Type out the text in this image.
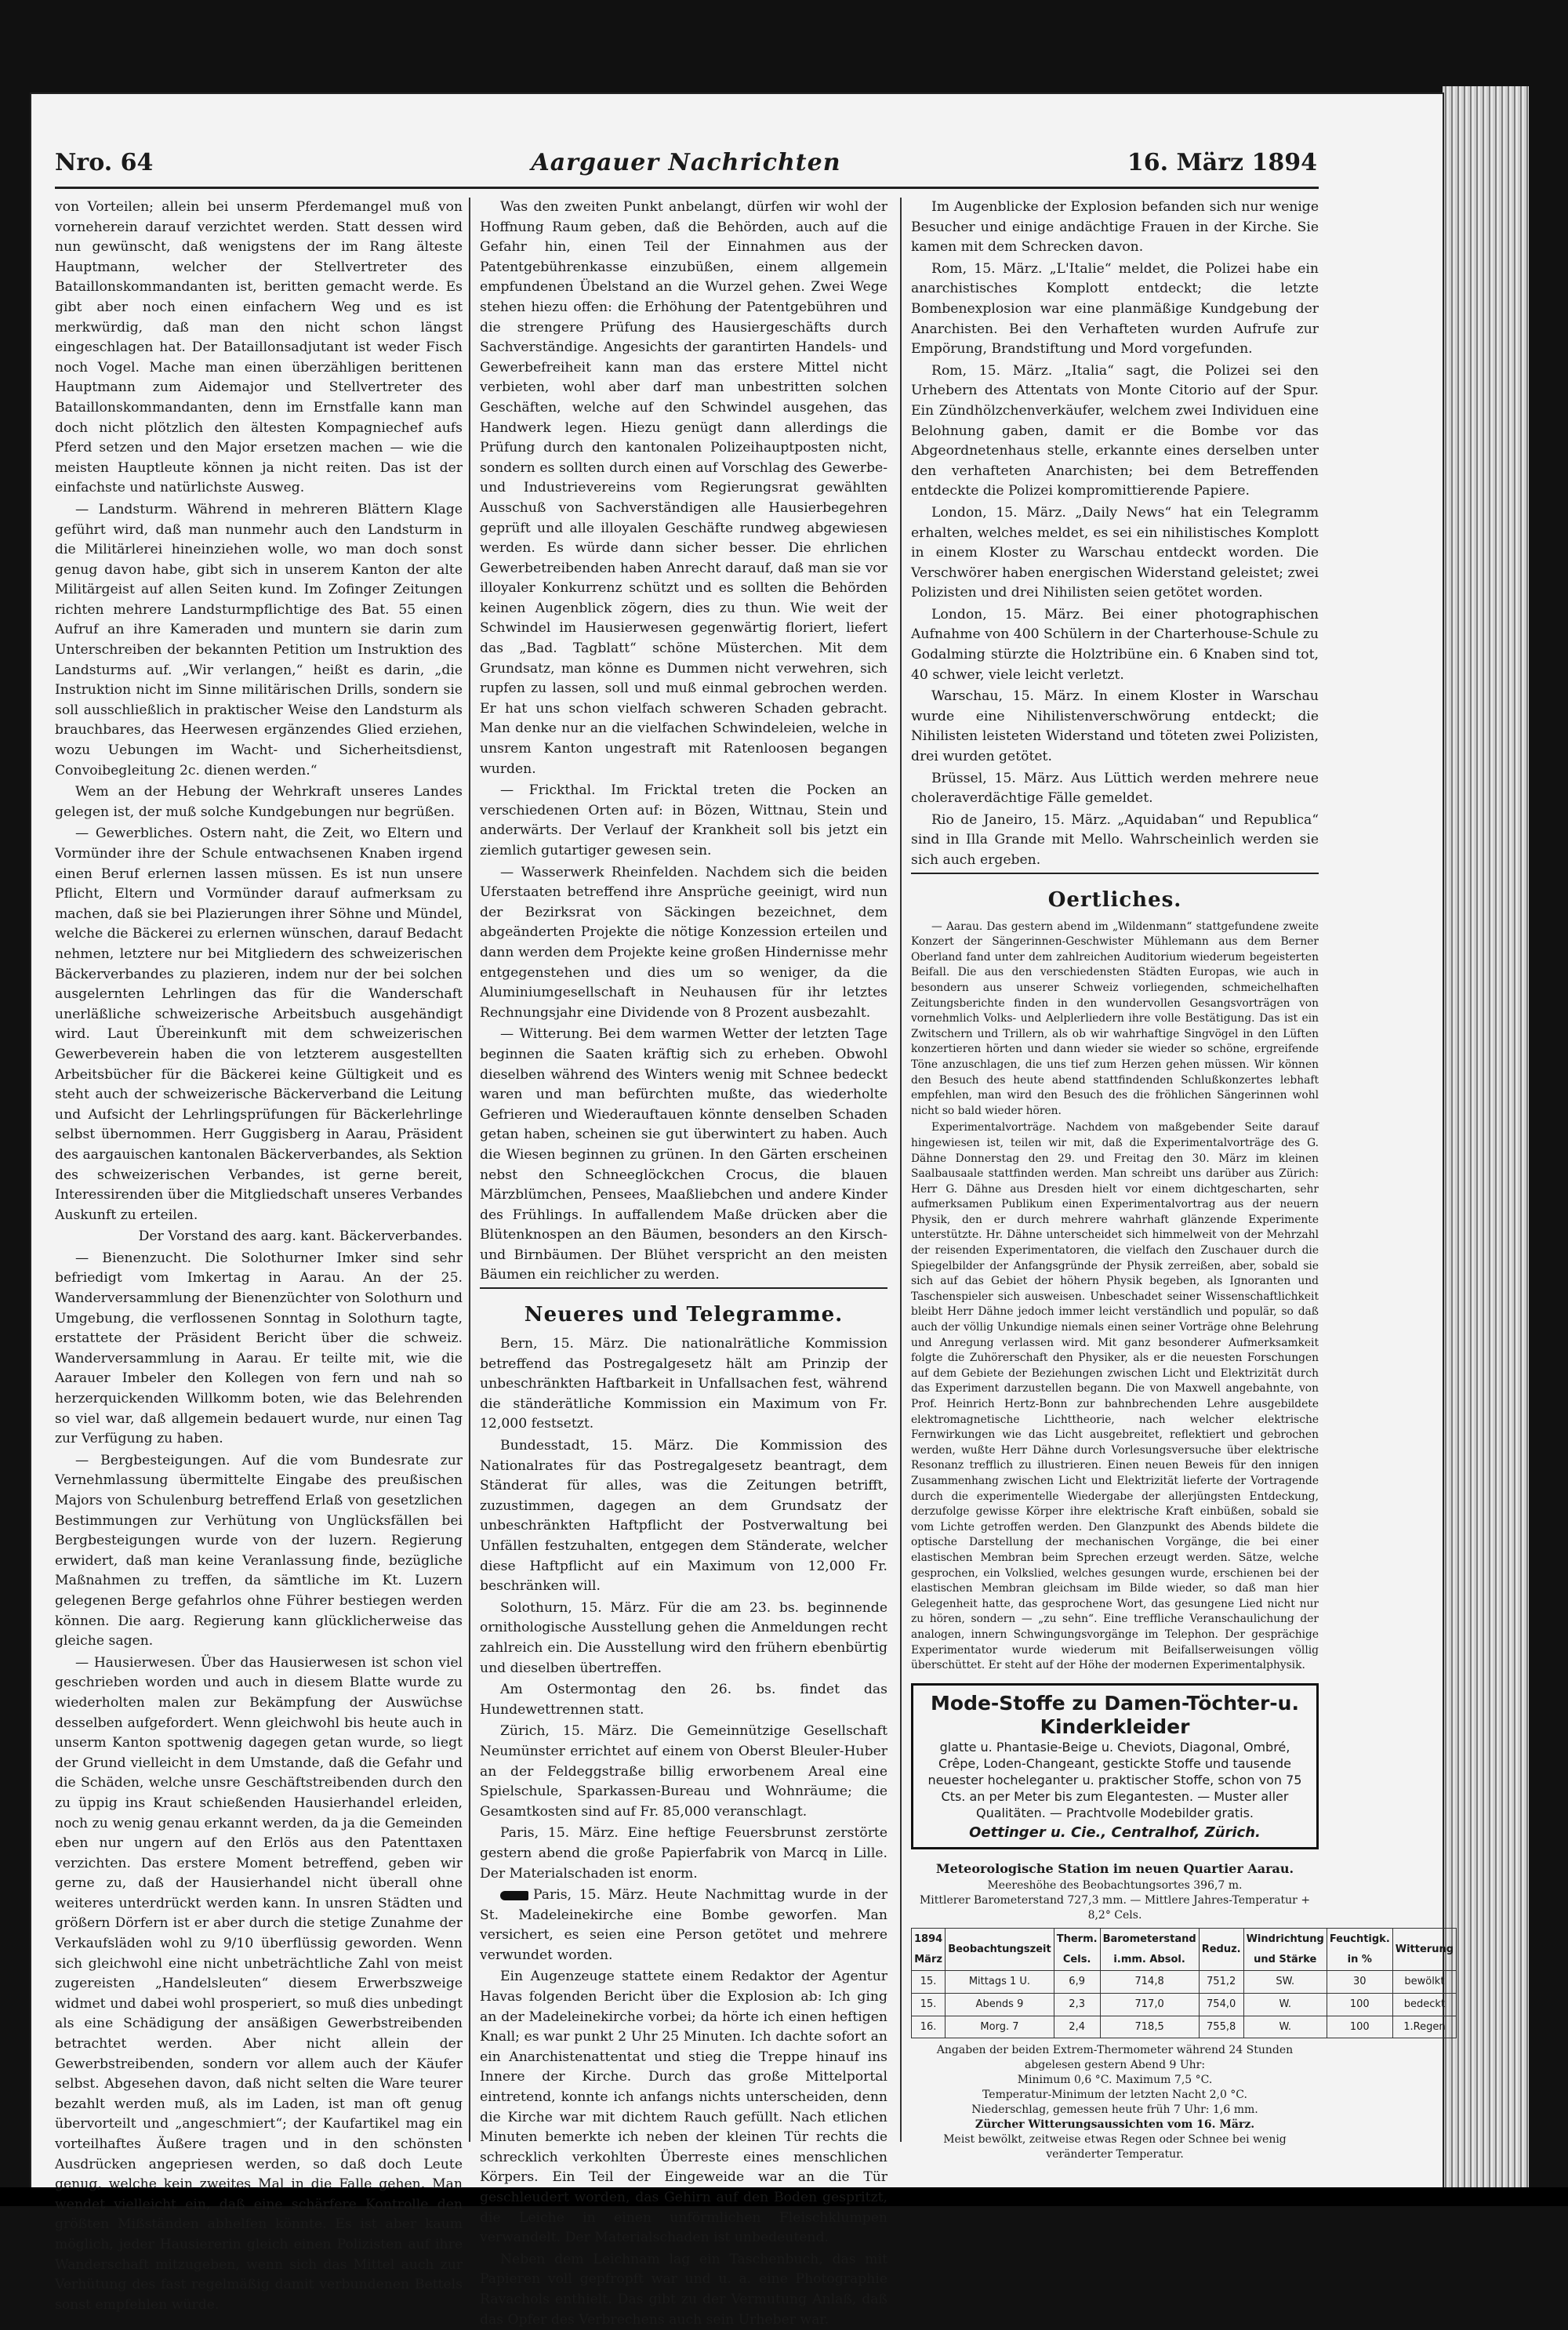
Nro. 64	Aargauer Nachrichten	16. März 1894

von Vorteilen; allein bei unserm Pferdemangel muß von vorneherein darauf verzichtet werden. Statt dessen wird nun gewünscht, daß wenigstens der im Rang älteste Hauptmann, welcher der Stellvertreter des Bataillonskommandanten ist, beritten gemacht werde. Es gibt aber noch einen einfachern Weg und es ist merkwürdig, daß man den nicht schon längst eingeschlagen hat. Der Bataillonsadjutant ist weder Fisch noch Vogel. Mache man einen überzähligen berittenen Hauptmann zum Aidemajor und Stellvertreter des Bataillonskommandanten, denn im Ernstfalle kann man doch nicht plötzlich den ältesten Kompagniechef aufs Pferd setzen und den Major ersetzen machen — wie die meisten Hauptleute können ja nicht reiten. Das ist der einfachste und natürlichste Ausweg.

— Landsturm. Während in mehreren Blättern Klage geführt wird, daß man nunmehr auch den Landsturm in die Militärlerei hineinziehen wolle, wo man doch sonst genug davon habe, gibt sich in unserem Kanton der alte Militärgeist auf allen Seiten kund. Im Zofinger Zeitungen richten mehrere Landsturmpflichtige des Bat. 55 einen Aufruf an ihre Kameraden und muntern sie darin zum Unterschreiben der bekannten Petition um Instruktion des Landsturms auf. „Wir verlangen,“ heißt es darin, „die Instruktion nicht im Sinne militärischen Drills, sondern sie soll ausschließlich in praktischer Weise den Landsturm als brauchbares, das Heerwesen ergänzendes Glied erziehen, wozu Uebungen im Wacht- und Sicherheitsdienst, Convoibegleitung 2c. dienen werden.“

Wem an der Hebung der Wehrkraft unseres Landes gelegen ist, der muß solche Kundgebungen nur begrüßen.

— Gewerbliches. Ostern naht, die Zeit, wo Eltern und Vormünder ihre der Schule entwachsenen Knaben irgend einen Beruf erlernen lassen müssen. Es ist nun unsere Pflicht, Eltern und Vormünder darauf aufmerksam zu machen, daß sie bei Plazierungen ihrer Söhne und Mündel, welche die Bäckerei zu erlernen wünschen, darauf Bedacht nehmen, letztere nur bei Mitgliedern des schweizerischen Bäckerverbandes zu plazieren, indem nur der bei solchen ausgelernten Lehrlingen das für die Wanderschaft unerläßliche schweizerische Arbeitsbuch ausgehändigt wird. Laut Übereinkunft mit dem schweizerischen Gewerbeverein haben die von letzterem ausgestellten Arbeitsbücher für die Bäckerei keine Gültigkeit und es steht auch der schweizerische Bäckerverband die Leitung und Aufsicht der Lehrlingsprüfungen für Bäckerlehrlinge selbst übernommen. Herr Guggisberg in Aarau, Präsident des aargauischen kantonalen Bäckerverbandes, als Sektion des schweizerischen Verbandes, ist gerne bereit, Interessirenden über die Mitgliedschaft unseres Verbandes Auskunft zu erteilen.

Der Vorstand des aarg. kant. Bäckerverbandes.

— Bienenzucht. Die Solothurner Imker sind sehr befriedigt vom Imkertag in Aarau. An der 25. Wanderversammlung der Bienenzüchter von Solothurn und Umgebung, die verflossenen Sonntag in Solothurn tagte, erstattete der Präsident Bericht über die schweiz. Wanderversammlung in Aarau. Er teilte mit, wie die Aarauer Imbeler den Kollegen von fern und nah so herzerquickenden Willkomm boten, wie das Belehrenden so viel war, daß allgemein bedauert wurde, nur einen Tag zur Verfügung zu haben.

— Bergbesteigungen. Auf die vom Bundesrate zur Vernehmlassung übermittelte Eingabe des preußischen Majors von Schulenburg betreffend Erlaß von gesetzlichen Bestimmungen zur Verhütung von Unglücksfällen bei Bergbesteigungen wurde von der luzern. Regierung erwidert, daß man keine Veranlassung finde, bezügliche Maßnahmen zu treffen, da sämtliche im Kt. Luzern gelegenen Berge gefahrlos ohne Führer bestiegen werden können. Die aarg. Regierung kann glücklicherweise das gleiche sagen.

— Hausierwesen. Über das Hausierwesen ist schon viel geschrieben worden und auch in diesem Blatte wurde zu wiederholten malen zur Bekämpfung der Auswüchse desselben aufgefordert. Wenn gleichwohl bis heute auch in unserm Kanton spottwenig dagegen getan wurde, so liegt der Grund vielleicht in dem Umstande, daß die Gefahr und die Schäden, welche unsre Geschäftstreibenden durch den zu üppig ins Kraut schießenden Hausierhandel erleiden, noch zu wenig genau erkannt werden, da ja die Gemeinden eben nur ungern auf den Erlös aus den Patenttaxen verzichten. Das erstere Moment betreffend, geben wir gerne zu, daß der Hausierhandel nicht überall ohne weiteres unterdrückt werden kann. In unsren Städten und größern Dörfern ist er aber durch die stetige Zunahme der Verkaufsläden wohl zu 9/10 überflüssig geworden. Wenn sich gleichwohl eine nicht unbeträchtliche Zahl von meist zugereisten „Handelsleuten“ diesem Erwerbszweige widmet und dabei wohl prosperiert, so muß dies unbedingt als eine Schädigung der ansäßigen Gewerbstreibenden betrachtet werden. Aber nicht allein der Gewerbstreibenden, sondern vor allem auch der Käufer selbst. Abgesehen davon, daß nicht selten die Ware teurer bezahlt werden muß, als im Laden, ist man oft genug übervorteilt und „angeschmiert“; der Kaufartikel mag ein vorteilhaftes Äußere tragen und in den schönsten Ausdrücken angepriesen werden, so daß doch Leute genug, welche kein zweites Mal in die Falle gehen. Man wendet vielleicht ein, daß eine schärfere Kontrolle den größten Mißständen abhelfen könnte. Es ist aber kaum möglich, jeder Hausiererin gleich einen Polizisten auf ihre Wanderschaft mitzugeben, wenn sich das Mittel auch zur Verhütung des fast regelmäßig damit verbundenen Bettels sonst empfehlen würde.

Was den zweiten Punkt anbelangt, dürfen wir wohl der Hoffnung Raum geben, daß die Behörden, auch auf die Gefahr hin, einen Teil der Einnahmen aus der Patentgebührenkasse einzubüßen, einem allgemein empfundenen Übelstand an die Wurzel gehen. Zwei Wege stehen hiezu offen: die Erhöhung der Patentgebühren und die strengere Prüfung des Hausiergeschäfts durch Sachverständige. Angesichts der garantirten Handels- und Gewerbefreiheit kann man das erstere Mittel nicht verbieten, wohl aber darf man unbestritten solchen Geschäften, welche auf den Schwindel ausgehen, das Handwerk legen. Hiezu genügt dann allerdings die Prüfung durch den kantonalen Polizeihauptposten nicht, sondern es sollten durch einen auf Vorschlag des Gewerbe- und Industrievereins vom Regierungsrat gewählten Ausschuß von Sachverständigen alle Hausierbegehren geprüft und alle illoyalen Geschäfte rundweg abgewiesen werden. Es würde dann sicher besser. Die ehrlichen Gewerbetreibenden haben Anrecht darauf, daß man sie vor illoyaler Konkurrenz schützt und es sollten die Behörden keinen Augenblick zögern, dies zu thun. Wie weit der Schwindel im Hausierwesen gegenwärtig floriert, liefert das „Bad. Tagblatt“ schöne Müsterchen. Mit dem Grundsatz, man könne es Dummen nicht verwehren, sich rupfen zu lassen, soll und muß einmal gebrochen werden. Er hat uns schon vielfach schweren Schaden gebracht. Man denke nur an die vielfachen Schwindeleien, welche in unsrem Kanton ungestraft mit Ratenloosen begangen wurden.

— Frickthal. Im Fricktal treten die Pocken an verschiedenen Orten auf: in Bözen, Wittnau, Stein und anderwärts. Der Verlauf der Krankheit soll bis jetzt ein ziemlich gutartiger gewesen sein.

— Wasserwerk Rheinfelden. Nachdem sich die beiden Uferstaaten betreffend ihre Ansprüche geeinigt, wird nun der Bezirksrat von Säckingen bezeichnet, dem abgeänderten Projekte die nötige Konzession erteilen und dann werden dem Projekte keine großen Hindernisse mehr entgegenstehen und dies um so weniger, da die Aluminiumgesellschaft in Neuhausen für ihr letztes Rechnungsjahr eine Dividende von 8 Prozent ausbezahlt.

— Witterung. Bei dem warmen Wetter der letzten Tage beginnen die Saaten kräftig sich zu erheben. Obwohl dieselben während des Winters wenig mit Schnee bedeckt waren und man befürchten mußte, das wiederholte Gefrieren und Wiederauftauen könnte denselben Schaden getan haben, scheinen sie gut überwintert zu haben. Auch die Wiesen beginnen zu grünen. In den Gärten erscheinen nebst den Schneeglöckchen Crocus, die blauen Märzblümchen, Pensees, Maaßliebchen und andere Kinder des Frühlings. In auffallendem Maße drücken aber die Blütenknospen an den Bäumen, besonders an den Kirsch- und Birnbäumen. Der Blühet verspricht an den meisten Bäumen ein reichlicher zu werden.

Neueres und Telegramme.

Bern, 15. März. Die nationalrätliche Kommission betreffend das Postregalgesetz hält am Prinzip der unbeschränkten Haftbarkeit in Unfallsachen fest, während die ständerätliche Kommission ein Maximum von Fr. 12,000 festsetzt.

Bundesstadt, 15. März. Die Kommission des Nationalrates für das Postregalgesetz beantragt, dem Ständerat für alles, was die Zeitungen betrifft, zuzustimmen, dagegen an dem Grundsatz der unbeschränkten Haftpflicht der Postverwaltung bei Unfällen festzuhalten, entgegen dem Ständerate, welcher diese Haftpflicht auf ein Maximum von 12,000 Fr. beschränken will.

Solothurn, 15. März. Für die am 23. bs. beginnende ornithologische Ausstellung gehen die Anmeldungen recht zahlreich ein. Die Ausstellung wird den frühern ebenbürtig und dieselben übertreffen.

Am Ostermontag den 26. bs. findet das Hundewettrennen statt.

Zürich, 15. März. Die Gemeinnützige Gesellschaft Neumünster errichtet auf einem von Oberst Bleuler-Huber an der Feldeggstraße billig erworbenem Areal eine Spielschule, Sparkassen-Bureau und Wohnräume; die Gesamtkosten sind auf Fr. 85,000 veranschlagt.

Paris, 15. März. Eine heftige Feuersbrunst zerstörte gestern abend die große Papierfabrik von Marcq in Lille. Der Materialschaden ist enorm.

Paris, 15. März. Heute Nachmittag wurde in der St. Madeleinekirche eine Bombe geworfen. Man versichert, es seien eine Person getötet und mehrere verwundet worden.

Ein Augenzeuge stattete einem Redaktor der Agentur Havas folgenden Bericht über die Explosion ab: Ich ging an der Madeleinekirche vorbei; da hörte ich einen heftigen Knall; es war punkt 2 Uhr 25 Minuten. Ich dachte sofort an ein Anarchistenattentat und stieg die Treppe hinauf ins Innere der Kirche. Durch das große Mittelportal eintretend, konnte ich anfangs nichts unterscheiden, denn die Kirche war mit dichtem Rauch gefüllt. Nach etlichen Minuten bemerkte ich neben der kleinen Tür rechts die schrecklich verkohlten Überreste eines menschlichen Körpers. Ein Teil der Eingeweide war an die Tür geschleudert worden, das Gehirn auf den Boden gespritzt, die Leiche in einen unförmlichen Fleischklumpen verwandelt. Der Materialschaden ist unbedeutend.

Neben dem Leichnam lag ein Taschenbuch, das mit Papieren voll gepfropft war und u. a. eine Photographie Ravachols enthielt. Das gibt zu der Vermutung Anlaß, daß das Opfer des Verbrechens auch sein Urheber war.

Im Augenblicke der Explosion befanden sich nur wenige Besucher und einige andächtige Frauen in der Kirche. Sie kamen mit dem Schrecken davon.

Rom, 15. März. „L'Italie“ meldet, die Polizei habe ein anarchistisches Komplott entdeckt; die letzte Bombenexplosion war eine planmäßige Kundgebung der Anarchisten. Bei den Verhafteten wurden Aufrufe zur Empörung, Brandstiftung und Mord vorgefunden.

Rom, 15. März. „Italia“ sagt, die Polizei sei den Urhebern des Attentats von Monte Citorio auf der Spur. Ein Zündhölzchenverkäufer, welchem zwei Individuen eine Belohnung gaben, damit er die Bombe vor das Abgeordnetenhaus stelle, erkannte eines derselben unter den verhafteten Anarchisten; bei dem Betreffenden entdeckte die Polizei kompromittierende Papiere.

London, 15. März. „Daily News“ hat ein Telegramm erhalten, welches meldet, es sei ein nihilistisches Komplott in einem Kloster zu Warschau entdeckt worden. Die Verschwörer haben energischen Widerstand geleistet; zwei Polizisten und drei Nihilisten seien getötet worden.

London, 15. März. Bei einer photographischen Aufnahme von 400 Schülern in der Charterhouse-Schule zu Godalming stürzte die Holztribüne ein. 6 Knaben sind tot, 40 schwer, viele leicht verletzt.

Warschau, 15. März. In einem Kloster in Warschau wurde eine Nihilistenverschwörung entdeckt; die Nihilisten leisteten Widerstand und töteten zwei Polizisten, drei wurden getötet.

Brüssel, 15. März. Aus Lüttich werden mehrere neue choleraverdächtige Fälle gemeldet.

Rio de Janeiro, 15. März. „Aquidaban“ und Republica“ sind in Illa Grande mit Mello. Wahrscheinlich werden sie sich auch ergeben.

Oertliches.

— Aarau. Das gestern abend im „Wildenmann“ stattgefundene zweite Konzert der Sängerinnen-Geschwister Mühlemann aus dem Berner Oberland fand unter dem zahlreichen Auditorium wiederum begeisterten Beifall. Die aus den verschiedensten Städten Europas, wie auch in besondern aus unserer Schweiz vorliegenden, schmeichelhaften Zeitungsberichte finden in den wundervollen Gesangsvorträgen von vornehmlich Volks- und Aelplerliedern ihre volle Bestätigung. Das ist ein Zwitschern und Trillern, als ob wir wahrhaftige Singvögel in den Lüften konzertieren hörten und dann wieder sie wieder so schöne, ergreifende Töne anzuschlagen, die uns tief zum Herzen gehen müssen. Wir können den Besuch des heute abend stattfindenden Schlußkonzertes lebhaft empfehlen, man wird den Besuch des die fröhlichen Sängerinnen wohl nicht so bald wieder hören.

Experimentalvorträge. Nachdem von maßgebender Seite darauf hingewiesen ist, teilen wir mit, daß die Experimentalvorträge des G. Dähne Donnerstag den 29. und Freitag den 30. März im kleinen Saalbausaale stattfinden werden. Man schreibt uns darüber aus Zürich: Herr G. Dähne aus Dresden hielt vor einem dichtgescharten, sehr aufmerksamen Publikum einen Experimentalvortrag aus der neuern Physik, den er durch mehrere wahrhaft glänzende Experimente unterstützte. Hr. Dähne unterscheidet sich himmelweit von der Mehrzahl der reisenden Experimentatoren, die vielfach den Zuschauer durch die Spiegelbilder der Anfangsgründe der Physik zerreißen, aber, sobald sie sich auf das Gebiet der höhern Physik begeben, als Ignoranten und Taschenspieler sich ausweisen. Unbeschadet seiner Wissenschaftlichkeit bleibt Herr Dähne jedoch immer leicht verständlich und populär, so daß auch der völlig Unkundige niemals einen seiner Vorträge ohne Belehrung und Anregung verlassen wird. Mit ganz besonderer Aufmerksamkeit folgte die Zuhörerschaft den Physiker, als er die neuesten Forschungen auf dem Gebiete der Beziehungen zwischen Licht und Elektrizität durch das Experiment darzustellen begann. Die von Maxwell angebahnte, von Prof. Heinrich Hertz-Bonn zur bahnbrechenden Lehre ausgebildete elektromagnetische Lichttheorie, nach welcher elektrische Fernwirkungen wie das Licht ausgebreitet, reflektiert und gebrochen werden, wußte Herr Dähne durch Vorlesungsversuche über elektrische Resonanz trefflich zu illustrieren. Einen neuen Beweis für den innigen Zusammenhang zwischen Licht und Elektrizität lieferte der Vortragende durch die experimentelle Wiedergabe der allerjüngsten Entdeckung, derzufolge gewisse Körper ihre elektrische Kraft einbüßen, sobald sie vom Lichte getroffen werden. Den Glanzpunkt des Abends bildete die optische Darstellung der mechanischen Vorgänge, die bei einer elastischen Membran beim Sprechen erzeugt werden. Sätze, welche gesprochen, ein Volkslied, welches gesungen wurde, erschienen bei der elastischen Membran gleichsam im Bilde wieder, so daß man hier Gelegenheit hatte, das gesprochene Wort, das gesungene Lied nicht nur zu hören, sondern — „zu sehn“. Eine treffliche Veranschaulichung der analogen, innern Schwingungsvorgänge im Telephon. Der gesprächige Experimentator wurde wiederum mit Beifallserweisungen völlig überschüttet. Er steht auf der Höhe der modernen Experimentalphysik.

Mode-Stoffe zu Damen-Töchter-u. Kinderkleider
glatte u. Phantasie-Beige u. Cheviots, Diagonal, Ombré, Crêpe, Loden-Changeant, gestickte Stoffe und tausende neuester hocheleganter u. praktischer Stoffe, schon von 75 Cts. an per Meter bis zum Elegantesten. — Muster aller Qualitäten. — Prachtvolle Modebilder gratis.
Oettinger u. Cie., Centralhof, Zürich.
Meteorologische Station im neuen Quartier Aarau.
Meereshöhe des Beobachtungsortes 396,7 m.
Mittlerer Barometerstand 727,3 mm. — Mittlere Jahres-Temperatur + 8,2° Cels.
1894 März	Beobachtungszeit	Therm. Cels.	Barometerstand i.mm. Absol.	Reduz.	Windrichtung und Stärke	Feuchtigk. in %	Witterung
15.	Mittags 1 U.	6,9	714,8	751,2	SW.	30	bewölkt
15.	Abends 9	2,3	717,0	754,0	W.	100	bedeckt
16.	Morg. 7	2,4	718,5	755,8	W.	100	1.Regen
Angaben der beiden Extrem-Thermometer während 24 Stunden abgelesen gestern Abend 9 Uhr:
Minimum 0,6 °C. Maximum 7,5 °C.
Temperatur-Minimum der letzten Nacht 2,0 °C.
Niederschlag, gemessen heute früh 7 Uhr: 1,6 mm.
Zürcher Witterungsaussichten vom 16. März.
Meist bewölkt, zeitweise etwas Regen oder Schnee bei wenig veränderter Temperatur.
